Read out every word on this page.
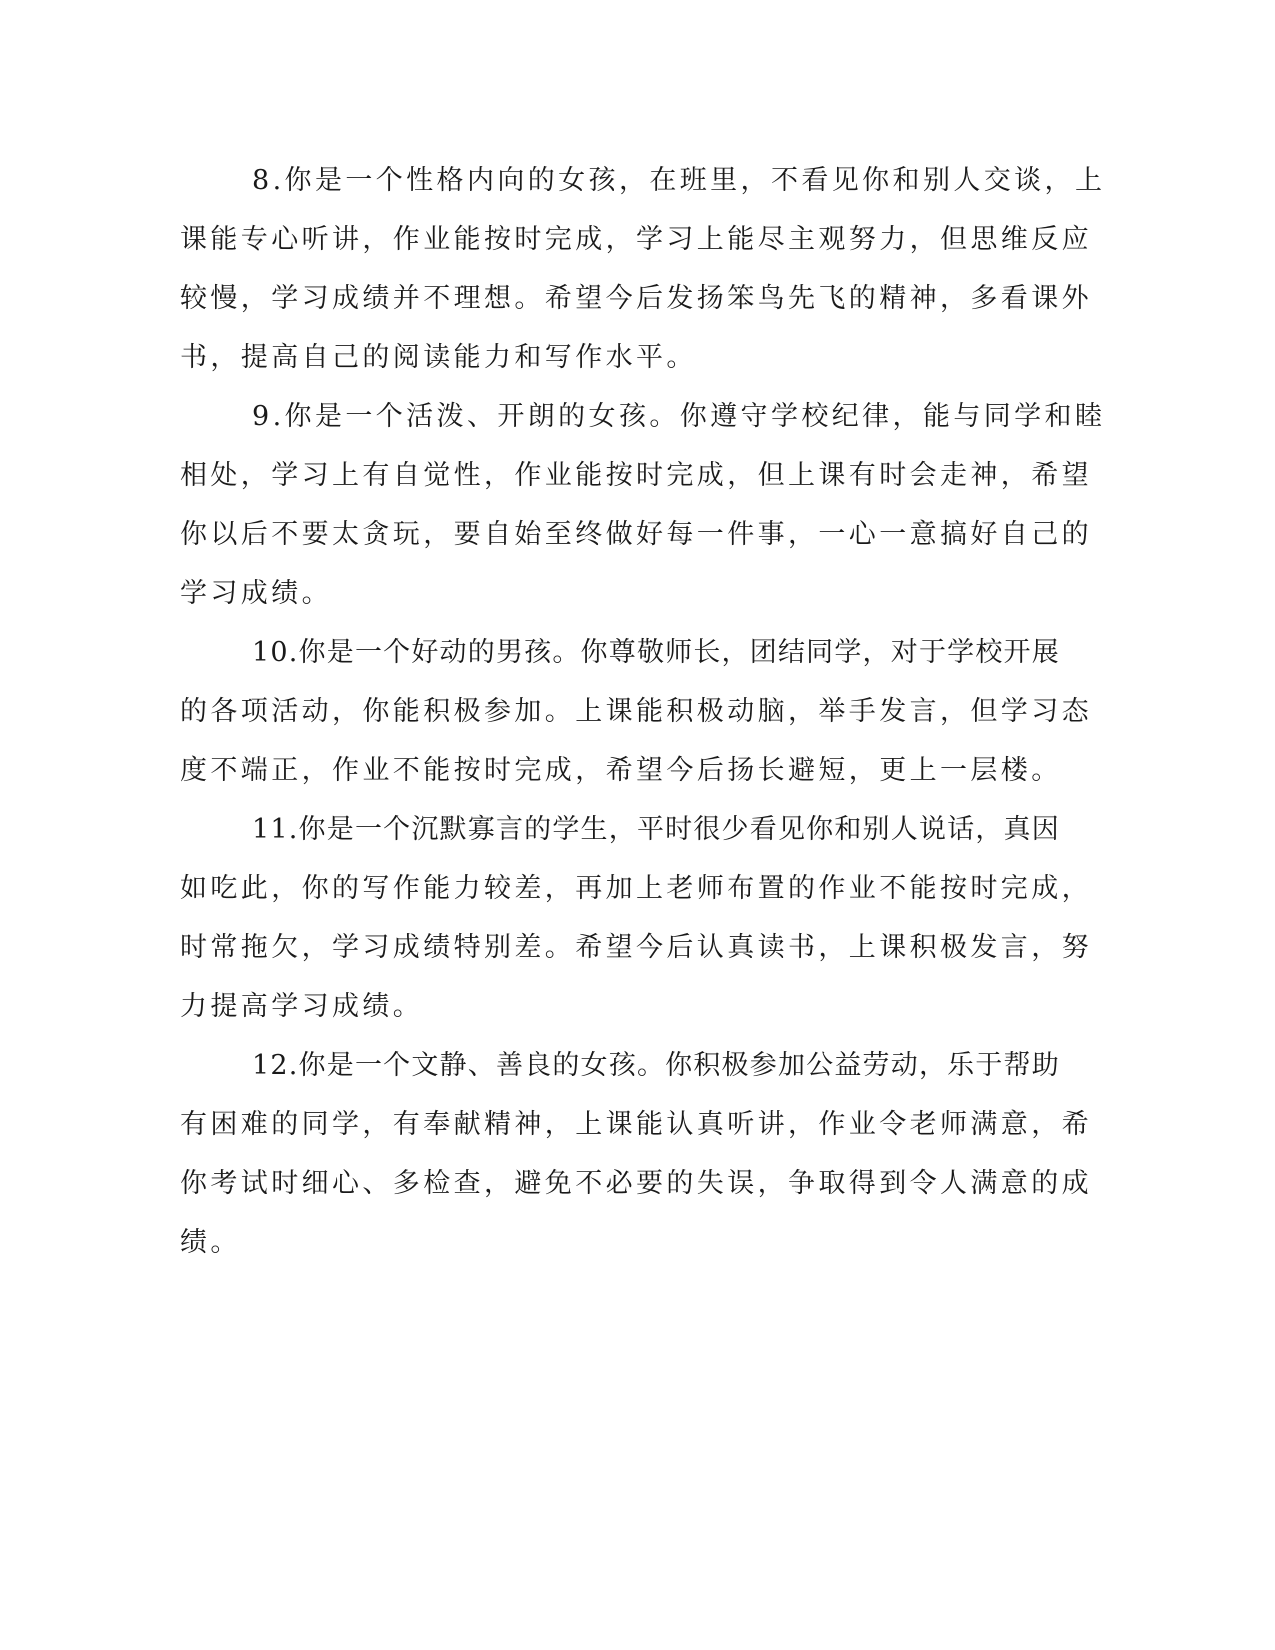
8.你是一个性格内向的女孩，在班里，不看见你和别人交谈，上
课能专心听讲，作业能按时完成，学习上能尽主观努力，但思维反应
较慢，学习成绩并不理想。希望今后发扬笨鸟先飞的精神，多看课外
书，提高自己的阅读能力和写作水平。
9.你是一个活泼、开朗的女孩。你遵守学校纪律，能与同学和睦
相处，学习上有自觉性，作业能按时完成，但上课有时会走神，希望
你以后不要太贪玩，要自始至终做好每一件事，一心一意搞好自己的
学习成绩。
10.你是一个好动的男孩。你尊敬师长，团结同学，对于学校开展
的各项活动，你能积极参加。上课能积极动脑，举手发言，但学习态
度不端正，作业不能按时完成，希望今后扬长避短，更上一层楼。
11.你是一个沉默寡言的学生，平时很少看见你和别人说话，真因
如吃此，你的写作能力较差，再加上老师布置的作业不能按时完成，
时常拖欠，学习成绩特别差。希望今后认真读书，上课积极发言，努
力提高学习成绩。
12.你是一个文静、善良的女孩。你积极参加公益劳动，乐于帮助
有困难的同学，有奉献精神，上课能认真听讲，作业令老师满意，希
你考试时细心、多检查，避免不必要的失误，争取得到令人满意的成
绩。
